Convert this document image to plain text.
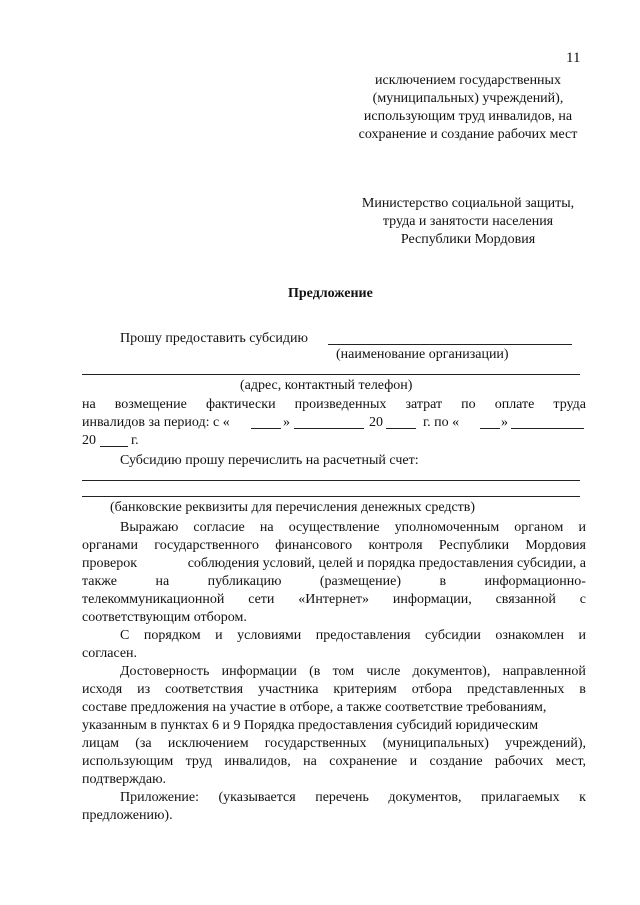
11
исключением государственных
(муниципальных) учреждений),
использующим труд инвалидов, на
сохранение и создание рабочих мест
Министерство социальной защиты,
труда и занятости населения
Республики Мордовия
Предложение
Прошу предоставить субсидию
(наименование организации)
(адрес, контактный телефон)
на возмещение фактически произведенных затрат по оплате труда
инвалидов за период: с «	»	20	г. по «	»
20	г.
Субсидию прошу перечислить на расчетный счет:
(банковские реквизиты для перечисления денежных средств)
Выражаю согласие на осуществление уполномоченным органом и
органами государственного финансового контроля Республики Мордовия
проверок	соблюдения условий, целей и порядка предоставления субсидии, а
также	на	публикацию	(размещение)	в	информационно-
телекоммуникационной сети «Интернет» информации, связанной с
соответствующим отбором.
С порядком и условиями предоставления субсидии ознакомлен и
согласен.
Достоверность информации (в том числе документов), направленной
исходя из соответствия участника критериям отбора представленных в
составе предложения на участие в отборе, а также соответствие требованиям,
указанным в пунктах 6 и 9 Порядка предоставления субсидий юридическим
лицам (за исключением государственных (муниципальных) учреждений),
использующим труд инвалидов, на сохранение и создание рабочих мест,
подтверждаю.
Приложение: (указывается перечень документов, прилагаемых к
предложению).
